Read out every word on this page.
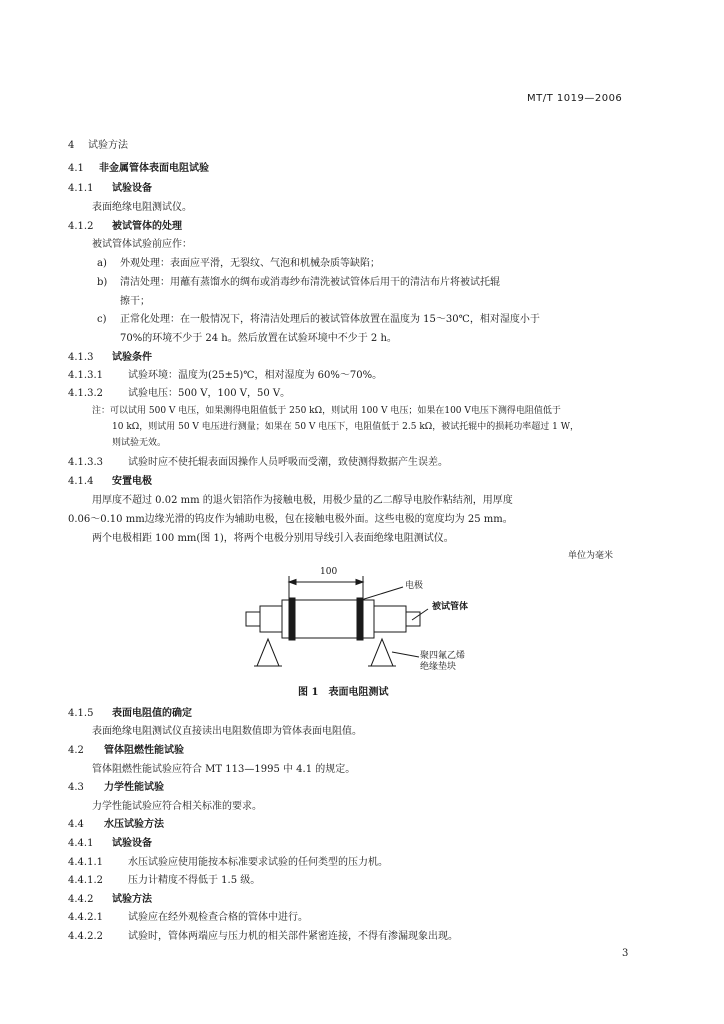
MT/T 1019—2006
4 试验方法
4.1 非金属管体表面电阻试验
4.1.1 试验设备
表面绝缘电阻测试仪。
4.1.2 被试管体的处理
被试管体试验前应作：
a) 外观处理：表面应平滑，无裂纹、气泡和机械杂质等缺陷；
b) 清洁处理：用蘸有蒸馏水的绸布或消毒纱布清洗被试管体后用干的清洁布片将被试托辊
擦干；
c) 正常化处理：在一般情况下，将清洁处理后的被试管体放置在温度为 15～30℃，相对湿度小于
70%的环境不少于 24 h。然后放置在试验环境中不少于 2 h。
4.1.3 试验条件
4.1.3.1	试验环境：温度为(25±5)℃，相对湿度为 60%～70%。
4.1.3.2	试验电压：500 V，100 V，50 V。
注：可以试用 500 V 电压，如果测得电阻值低于 250 kΩ，则试用 100 V 电压；如果在100 V电压下测得电阻值低于
10 kΩ，则试用 50 V 电压进行测量；如果在 50 V 电压下，电阻值低于 2.5 kΩ，被试托辊中的损耗功率超过 1 W，
则试验无效。
4.1.3.3	试验时应不使托辊表面因操作人员呼吸而受潮，致使测得数据产生误差。
4.1.4 安置电极
用厚度不超过 0.02 mm 的退火铝箔作为接触电极，用极少量的乙二醇导电胶作粘结剂，用厚度
0.06～0.10 mm边缘光滑的钨皮作为辅助电极，包在接触电极外面。这些电极的宽度均为 25 mm。
两个电极相距 100 mm(图 1)，将两个电极分别用导线引入表面绝缘电阻测试仪。
单位为毫米
100
电极
被试管体
聚四氟乙烯
绝缘垫块
图 1　表面电阻测试
4.1.5 表面电阻值的确定
表面绝缘电阻测试仪直接读出电阻数值即为管体表面电阻值。
4.2 管体阻燃性能试验
管体阻燃性能试验应符合 MT 113—1995 中 4.1 的规定。
4.3 力学性能试验
力学性能试验应符合相关标准的要求。
4.4 水压试验方法
4.4.1 试验设备
4.4.1.1	水压试验应使用能按本标准要求试验的任何类型的压力机。
4.4.1.2	压力计精度不得低于 1.5 级。
4.4.2 试验方法
4.4.2.1	试验应在经外观检查合格的管体中进行。
4.4.2.2	试验时，管体两端应与压力机的相关部件紧密连接，不得有渗漏现象出现。
3
